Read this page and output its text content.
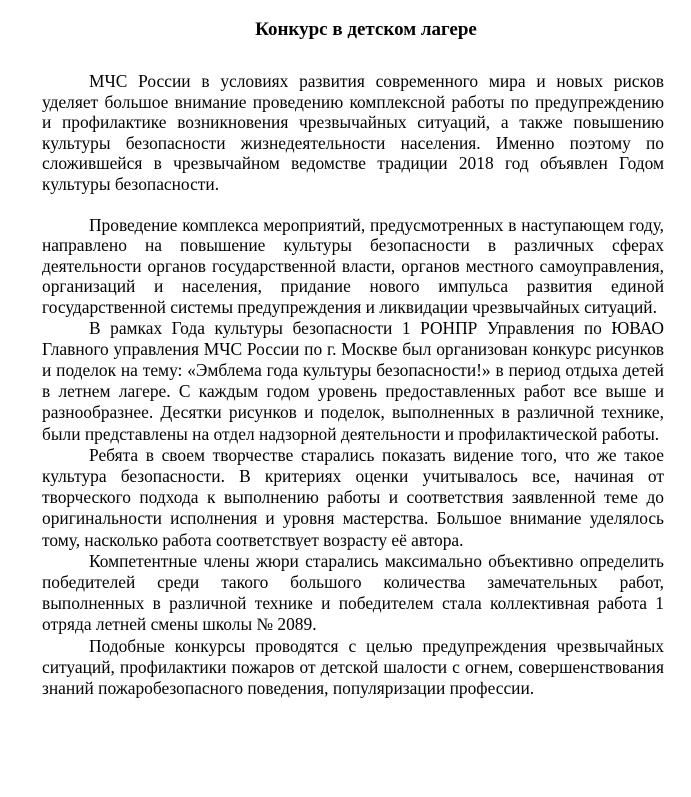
Конкурс в детском лагере

МЧС России в условиях развития современного мира и новых рисков уделяет большое внимание проведению комплексной работы по предупреждению и профилактике возникновения чрезвычайных ситуаций, а также повышению культуры безопасности жизнедеятельности населения. Именно поэтому по сложившейся в чрезвычайном ведомстве традиции 2018 год объявлен Годом культуры безопасности.

Проведение комплекса мероприятий, предусмотренных в наступающем году, направлено на повышение культуры безопасности в различных сферах деятельности органов государственной власти, органов местного самоуправления, организаций и населения, придание нового импульса развития единой государственной системы предупреждения и ликвидации чрезвычайных ситуаций.

В рамках Года культуры безопасности 1 РОНПР Управления по ЮВАО Главного управления МЧС России по г. Москве был организован конкурс рисунков и поделок на тему: «Эмблема года культуры безопасности!» в период отдыха детей в летнем лагере. С каждым годом уровень предоставленных работ все выше и разнообразнее. Десятки рисунков и поделок, выполненных в различной технике, были представлены на отдел надзорной деятельности и профилактической работы.

Ребята в своем творчестве старались показать видение того, что же такое культура безопасности. В критериях оценки учитывалось все, начиная от творческого подхода к выполнению работы и соответствия заявленной теме до оригинальности исполнения и уровня мастерства. Большое внимание уделялось тому, насколько работа соответствует возрасту её автора.

Компетентные члены жюри старались максимально объективно определить победителей среди такого большого количества замечательных работ, выполненных в различной технике и победителем стала коллективная работа 1 отряда летней смены школы № 2089.

Подобные конкурсы проводятся с целью предупреждения чрезвычайных ситуаций, профилактики пожаров от детской шалости с огнем, совершенствования знаний пожаробезопасного поведения, популяризации профессии.
